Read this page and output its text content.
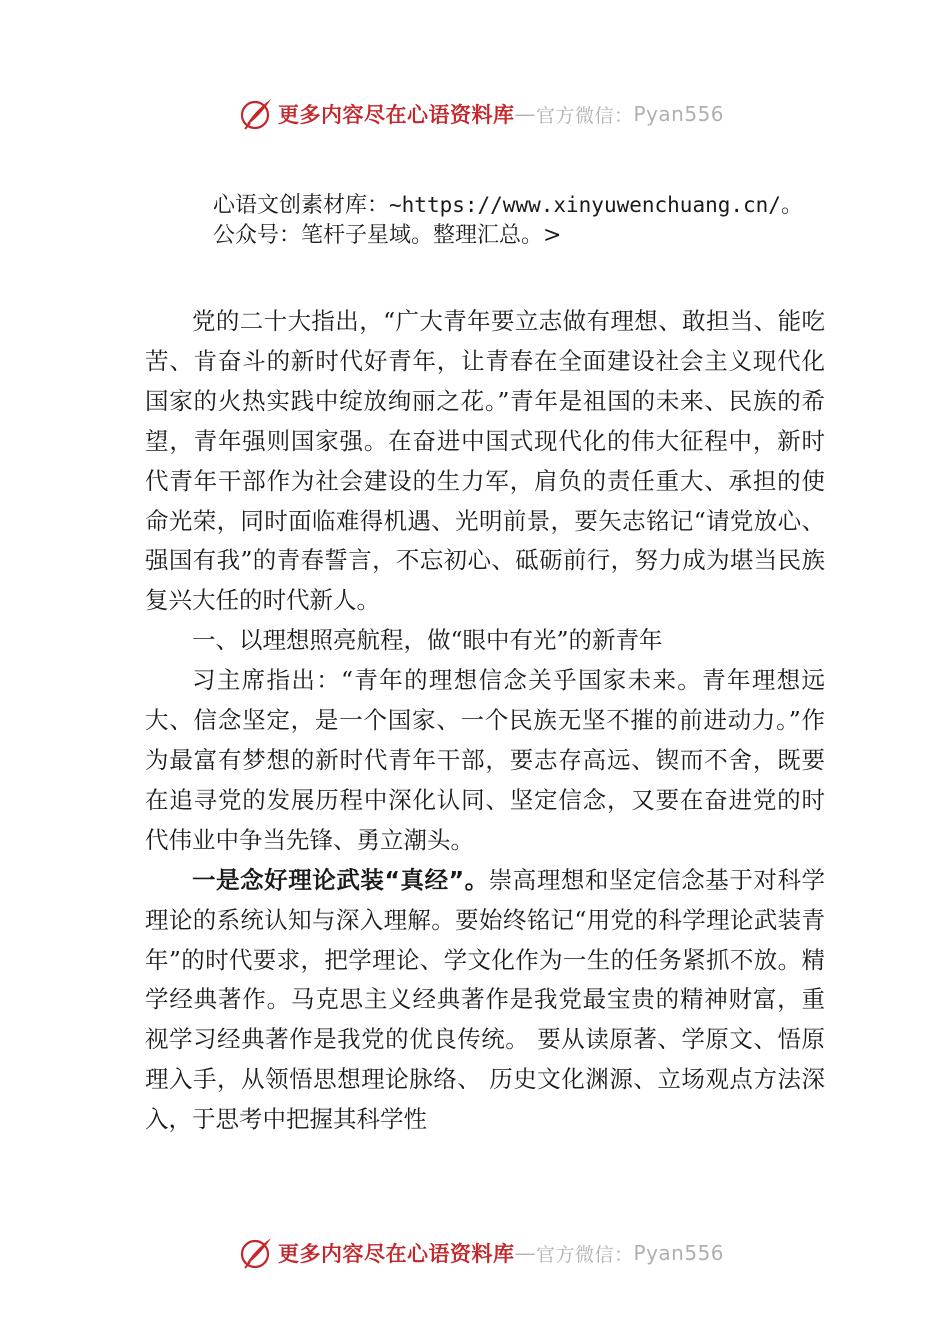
更多内容尽在心语资料库 — 官方微信： Pyan556
心语文创素材库：~https://www.xinyuwenchuang.cn/。
公众号：笔杆子星域。整理汇总。>

党的二十大指出，“广大青年要立志做有理想、敢担当、能吃苦、肯奋斗的新时代好青年，让青春在全面建设社会主义现代化国家的火热实践中绽放绚丽之花。”青年是祖国的未来、民族的希望，青年强则国家强。在奋进中国式现代化的伟大征程中，新时代青年干部作为社会建设的生力军，肩负的责任重大、承担的使命光荣，同时面临难得机遇、光明前景，要矢志铭记“请党放心、强国有我”的青春誓言，不忘初心、砥砺前行，努力成为堪当民族复兴大任的时代新人。

一、以理想照亮航程，做“眼中有光”的新青年

习主席指出：“青年的理想信念关乎国家未来。青年理想远大、信念坚定，是一个国家、一个民族无坚不摧的前进动力。”作为最富有梦想的新时代青年干部，要志存高远、锲而不舍，既要在追寻党的发展历程中深化认同、坚定信念，又要在奋进党的时代伟业中争当先锋、勇立潮头。

一是念好理论武装“真经”。崇高理想和坚定信念基于对科学理论的系统认知与深入理解。要始终铭记“用党的科学理论武装青年”的时代要求，把学理论、学文化作为一生的任务紧抓不放。精学经典著作。马克思主义经典著作是我党最宝贵的精神财富，重视学习经典著作是我党的优良传统。 要从读原著、学原文、悟原理入手，从领悟思想理论脉络、 历史文化渊源、立场观点方法深入，于思考中把握其科学性

更多内容尽在心语资料库 — 官方微信： Pyan556
